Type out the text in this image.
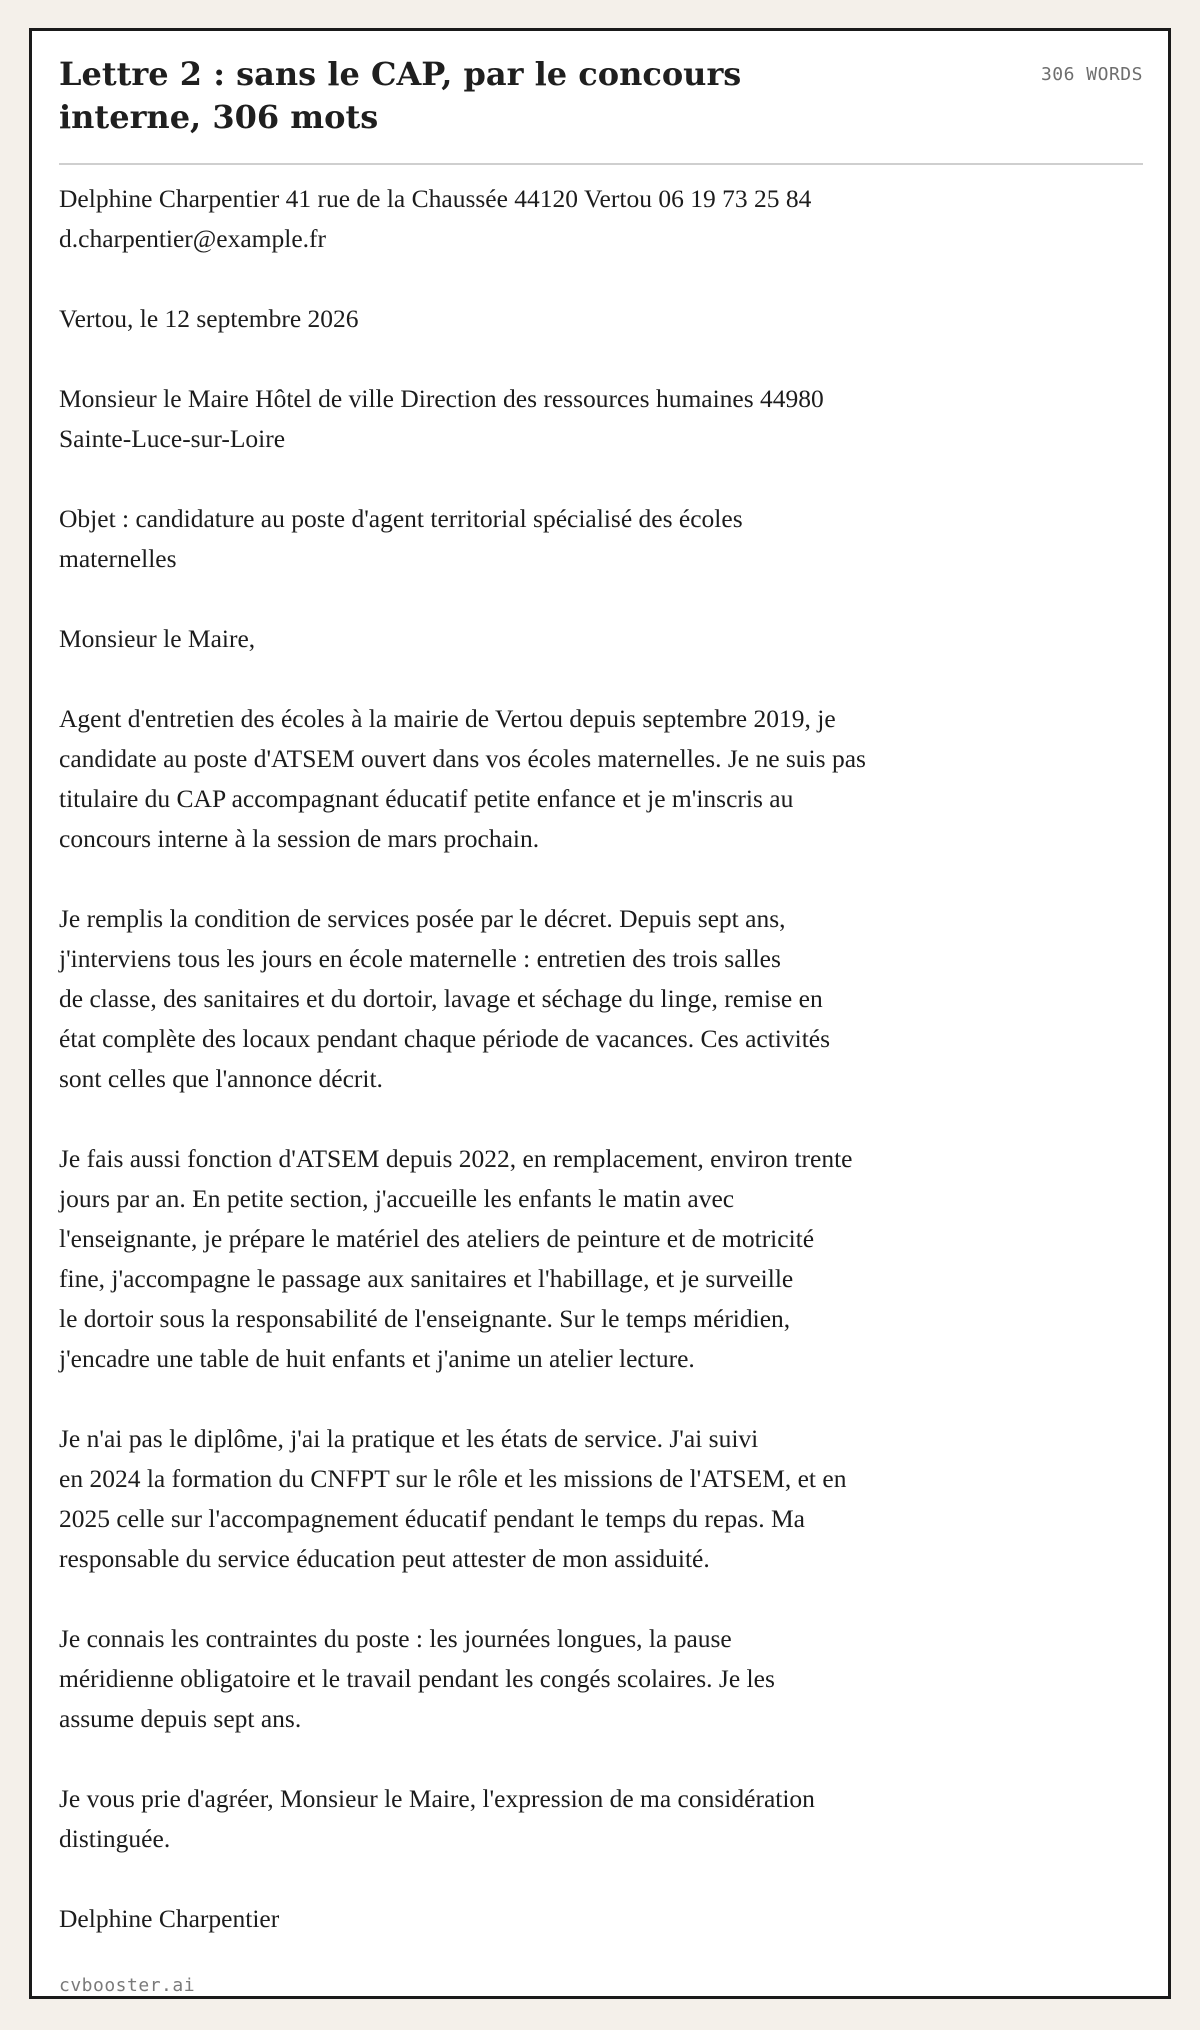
Lettre 2 : sans le CAP, par le concours
interne, 306 mots
306 WORDS

Delphine Charpentier 41 rue de la Chaussée 44120 Vertou 06 19 73 25 84
d.charpentier@example.fr

Vertou, le 12 septembre 2026

Monsieur le Maire Hôtel de ville Direction des ressources humaines 44980
Sainte-Luce-sur-Loire

Objet : candidature au poste d'agent territorial spécialisé des écoles
maternelles

Monsieur le Maire,

Agent d'entretien des écoles à la mairie de Vertou depuis septembre 2019, je
candidate au poste d'ATSEM ouvert dans vos écoles maternelles. Je ne suis pas
titulaire du CAP accompagnant éducatif petite enfance et je m'inscris au
concours interne à la session de mars prochain.

Je remplis la condition de services posée par le décret. Depuis sept ans,
j'interviens tous les jours en école maternelle : entretien des trois salles
de classe, des sanitaires et du dortoir, lavage et séchage du linge, remise en
état complète des locaux pendant chaque période de vacances. Ces activités
sont celles que l'annonce décrit.

Je fais aussi fonction d'ATSEM depuis 2022, en remplacement, environ trente
jours par an. En petite section, j'accueille les enfants le matin avec
l'enseignante, je prépare le matériel des ateliers de peinture et de motricité
fine, j'accompagne le passage aux sanitaires et l'habillage, et je surveille
le dortoir sous la responsabilité de l'enseignante. Sur le temps méridien,
j'encadre une table de huit enfants et j'anime un atelier lecture.

Je n'ai pas le diplôme, j'ai la pratique et les états de service. J'ai suivi
en 2024 la formation du CNFPT sur le rôle et les missions de l'ATSEM, et en
2025 celle sur l'accompagnement éducatif pendant le temps du repas. Ma
responsable du service éducation peut attester de mon assiduité.

Je connais les contraintes du poste : les journées longues, la pause
méridienne obligatoire et le travail pendant les congés scolaires. Je les
assume depuis sept ans.

Je vous prie d'agréer, Monsieur le Maire, l'expression de ma considération
distinguée.

Delphine Charpentier

cvbooster.ai
